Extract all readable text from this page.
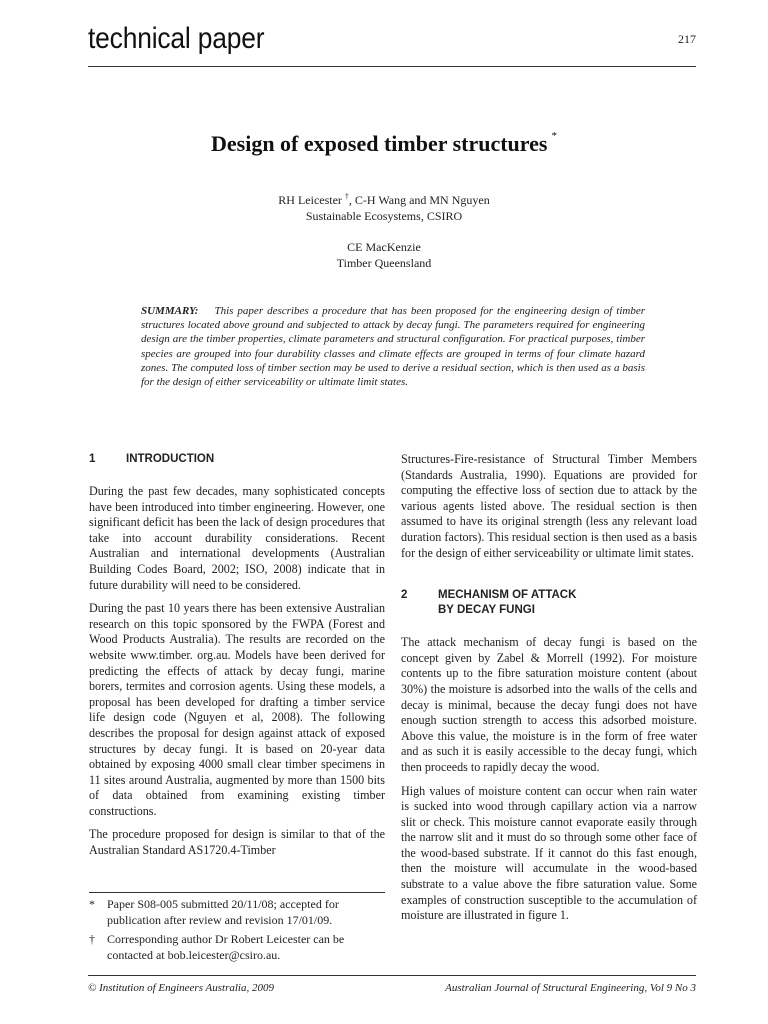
technical paper	217
Design of exposed timber structures *
RH Leicester †, C-H Wang and MN Nguyen
Sustainable Ecosystems, CSIRO
CE MacKenzie
Timber Queensland
SUMMARY: This paper describes a procedure that has been proposed for the engineering design of timber structures located above ground and subjected to attack by decay fungi. The parameters required for engineering design are the timber properties, climate parameters and structural configuration. For practical purposes, timber species are grouped into four durability classes and climate effects are grouped in terms of four climate hazard zones. The computed loss of timber section may be used to derive a residual section, which is then used as a basis for the design of either serviceability or ultimate limit states.
1	INTRODUCTION

During the past few decades, many sophisticated concepts have been introduced into timber engineering. However, one significant deficit has been the lack of design procedures that take into account durability considerations. Recent Australian and international developments (Australian Building Codes Board, 2002; ISO, 2008) indicate that in future durability will need to be considered.

During the past 10 years there has been extensive Australian research on this topic sponsored by the FWPA (Forest and Wood Products Australia). The results are recorded on the website www.timber. org.au. Models have been derived for predicting the effects of attack by decay fungi, marine borers, termites and corrosion agents. Using these models, a proposal has been developed for drafting a timber service life design code (Nguyen et al, 2008). The following describes the proposal for design against attack of exposed structures by decay fungi. It is based on 20-year data obtained by exposing 4000 small clear timber specimens in 11 sites around Australia, augmented by more than 1500 bits of data obtained from examining existing timber constructions.

The procedure proposed for design is similar to that of the Australian Standard AS1720.4-Timber

*	Paper S08-005 submitted 20/11/08; accepted for publication after review and revision 17/01/09.
†	Corresponding author Dr Robert Leicester can be contacted at bob.leicester@csiro.au.

Structures-Fire-resistance of Structural Timber Members (Standards Australia, 1990). Equations are provided for computing the effective loss of section due to attack by the various agents listed above. The residual section is then assumed to have its original strength (less any relevant load duration factors). This residual section is then used as a basis for the design of either serviceability or ultimate limit states.

2	MECHANISM OF ATTACK
BY DECAY FUNGI

The attack mechanism of decay fungi is based on the concept given by Zabel & Morrell (1992). For moisture contents up to the fibre saturation moisture content (about 30%) the moisture is adsorbed into the walls of the cells and decay is minimal, because the decay fungi does not have enough suction strength to access this adsorbed moisture. Above this value, the moisture is in the form of free water and as such it is easily accessible to the decay fungi, which then proceeds to rapidly decay the wood.

High values of moisture content can occur when rain water is sucked into wood through capillary action via a narrow slit or check. This moisture cannot evaporate easily through the narrow slit and it must do so through some other face of the wood-based substrate. If it cannot do this fast enough, then the moisture will accumulate in the wood-based substrate to a value above the fibre saturation value. Some examples of construction susceptible to the accumulation of moisture are illustrated in figure 1.

© Institution of Engineers Australia, 2009	Australian Journal of Structural Engineering, Vol 9 No 3
